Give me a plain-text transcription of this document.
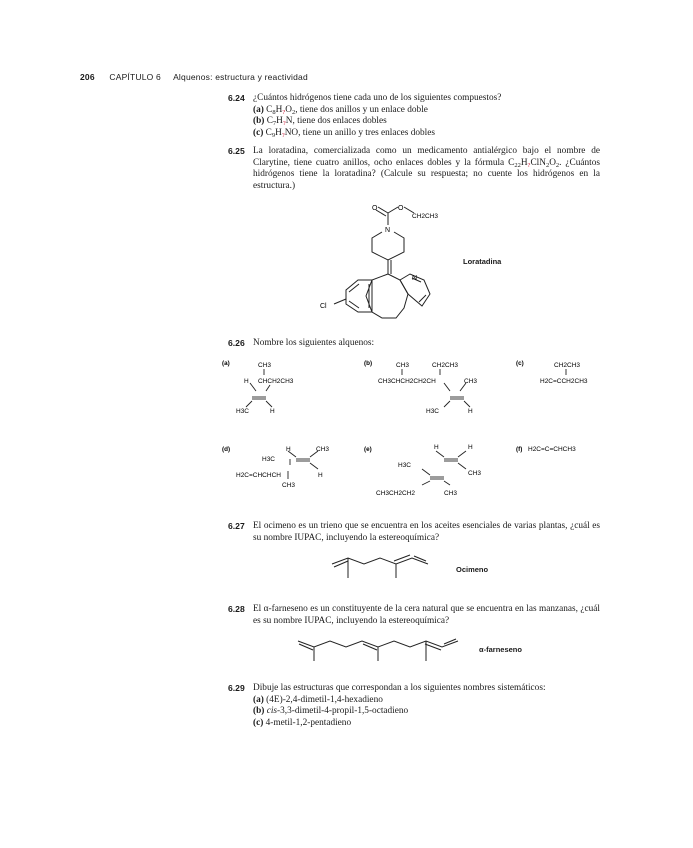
206 CAPÍTULO 6 Alquenos: estructura y reactividad
6.24 ¿Cuántos hidrógenos tiene cada uno de los siguientes compuestos?
(a) $C_8H_?O_2$, tiene dos anillos y un enlace doble
(b) $C_7H_?N$, tiene dos enlaces dobles
(c) $C_9H_?NO$, tiene un anillo y tres enlaces dobles
6.25 La loratadina, comercializada como un medicamento antialérgico bajo el nombre de Clarytine, tiene cuatro anillos, ocho enlaces dobles y la fórmula $C_{22}H_?ClN_2O_2$. ¿Cuántos hidrógenos tiene la loratadina? (Calcule su respuesta; no cuente los hidrógenos en la estructura.)
O	O
CH2CH3
N
N
Cl
Loratadina
6.26 Nombre los siguientes alquenos:
(a)	(b)	(c)
(d)	(e)	(f)
CH3
H CHCH2CH3
H3C	H
CH3	CH2CH3
CH3CHCH2CH2CH	CH3
H3C	H
CH2CH3
H2C=CCH2CH3
H	CH3
H3C
H2C=CHCHCH	H
CH3
H	H
H3C
CH3
CH3CH2CH2	CH3
H2C=C=CHCH3
6.27 El ocimeno es un trieno que se encuentra en los aceites esenciales de varias plantas, ¿cuál es su nombre IUPAC, incluyendo la estereoquímica?
Ocimeno
6.28 El α-farneseno es un constituyente de la cera natural que se encuentra en las manzanas, ¿cuál es su nombre IUPAC, incluyendo la estereoquímica?
α-farneseno
6.29 Dibuje las estructuras que correspondan a los siguientes nombres sistemáticos:
(a) (4E)-2,4-dimetil-1,4-hexadieno
(b) cis-3,3-dimetil-4-propil-1,5-octadieno
(c) 4-metil-1,2-pentadieno
